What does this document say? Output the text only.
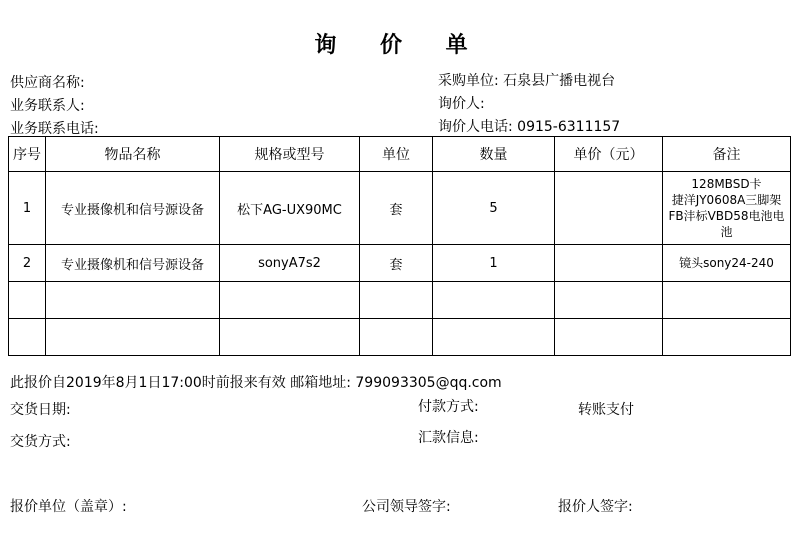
询 价 单
供应商名称:
业务联系人:
业务联系电话:
采购单位: 石泉县广播电视台
询价人:
询价人电话: 0915-6311157
序号	物品名称	规格或型号	单位	数量	单价（元）	备注
1	专业摄像机和信号源设备	松下AG-UX90MC	套	5		128MBSD卡
捷洋JY0608A三脚架
FB沣标VBD58电池电
池

2	专业摄像机和信号源设备	sonyA7s2	套	1		镜头sony24-240

此报价自2019年8月1日17:00时前报来有效 邮箱地址: 799093305@qq.com
交货日期:	付款方式:	转账支付
交货方式:	汇款信息:
报价单位（盖章）:	公司领导签字:	报价人签字:
